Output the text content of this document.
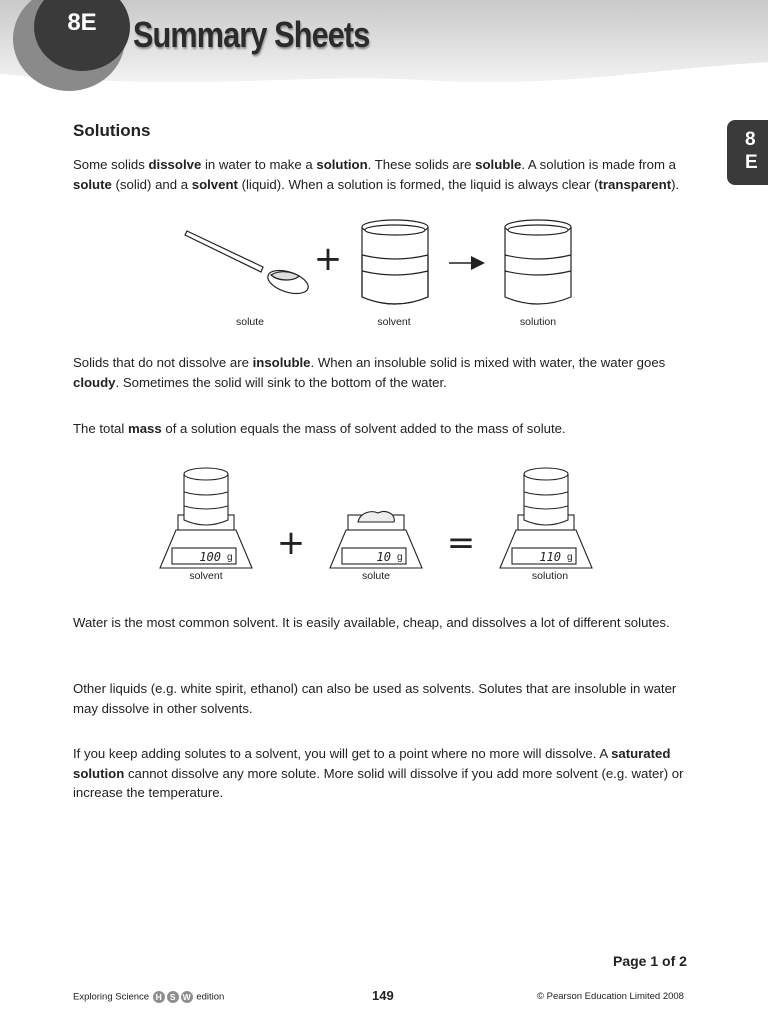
8E	Summary Sheets
8
E
Solutions

Some solids dissolve in water to make a solution. These solids are soluble. A solution is made from a solute (solid) and a solvent (liquid). When a solution is formed, the liquid is always clear (transparent).

+
solute	solvent	solution

Solids that do not dissolve are insoluble. When an insoluble solid is mixed with water, the water goes cloudy. Sometimes the solid will sink to the bottom of the water.

The total mass of a solution equals the mass of solvent added to the mass of solute.

+	=
100 g	10 g	110 g
solvent	solute	solution

Water is the most common solvent. It is easily available, cheap, and dissolves a lot of different solutes.

Other liquids (e.g. white spirit, ethanol) can also be used as solvents. Solutes that are insoluble in water may dissolve in other solvents.

If you keep adding solutes to a solvent, you will get to a point where no more will dissolve. A saturated solution cannot dissolve any more solute. More solid will dissolve if you add more solvent (e.g. water) or increase the temperature.

Page 1 of 2
Exploring Science H S W edition	149	© Pearson Education Limited 2008
